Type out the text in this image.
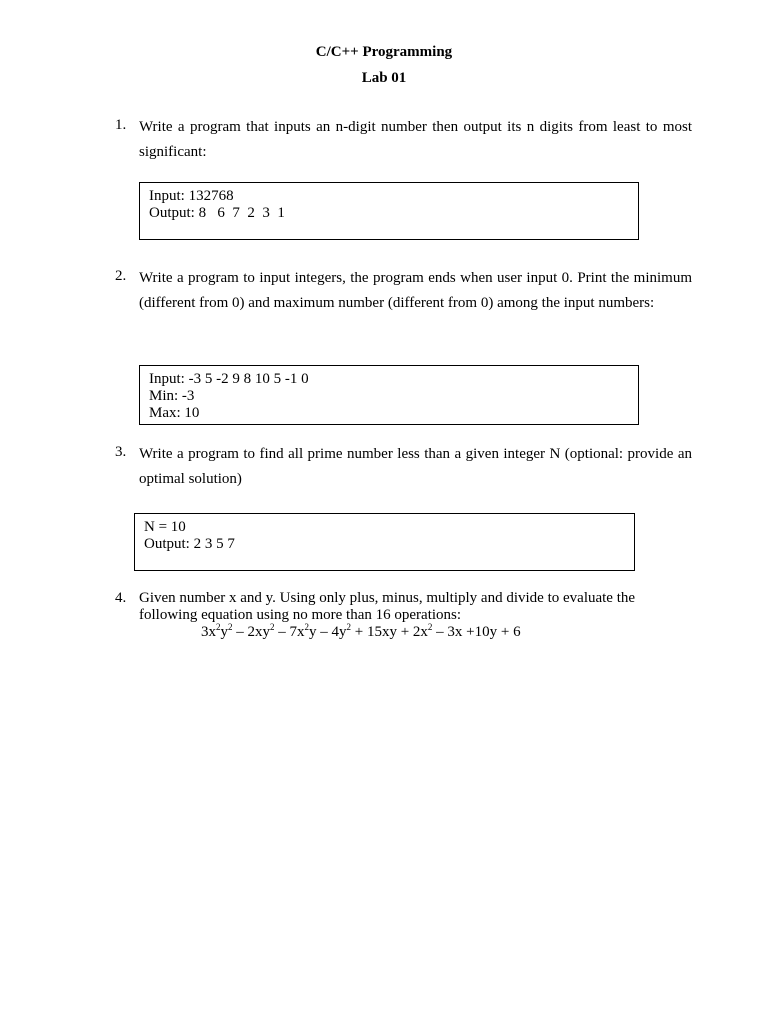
C/C++ Programming
Lab 01
1. Write a program that inputs an n-digit number then output its n digits from least to most significant:
Input: 132768
Output: 8   6  7  2  3  1
2. Write a program to input integers, the program ends when user input 0. Print the minimum (different from 0) and maximum number (different from 0) among the input numbers:
Input: -3 5 -2 9 8 10 5 -1 0
Min: -3
Max: 10
3. Write a program to find all prime number less than a given integer N (optional: provide an optimal solution)
N = 10
Output: 2 3 5 7
4. Given number x and y. Using only plus, minus, multiply and divide to evaluate the following equation using no more than 16 operations:
$3x^2y^2 - 2xy^2 - 7x^2y - 4y^2 + 15xy + 2x^2 - 3x +10y + 6$
